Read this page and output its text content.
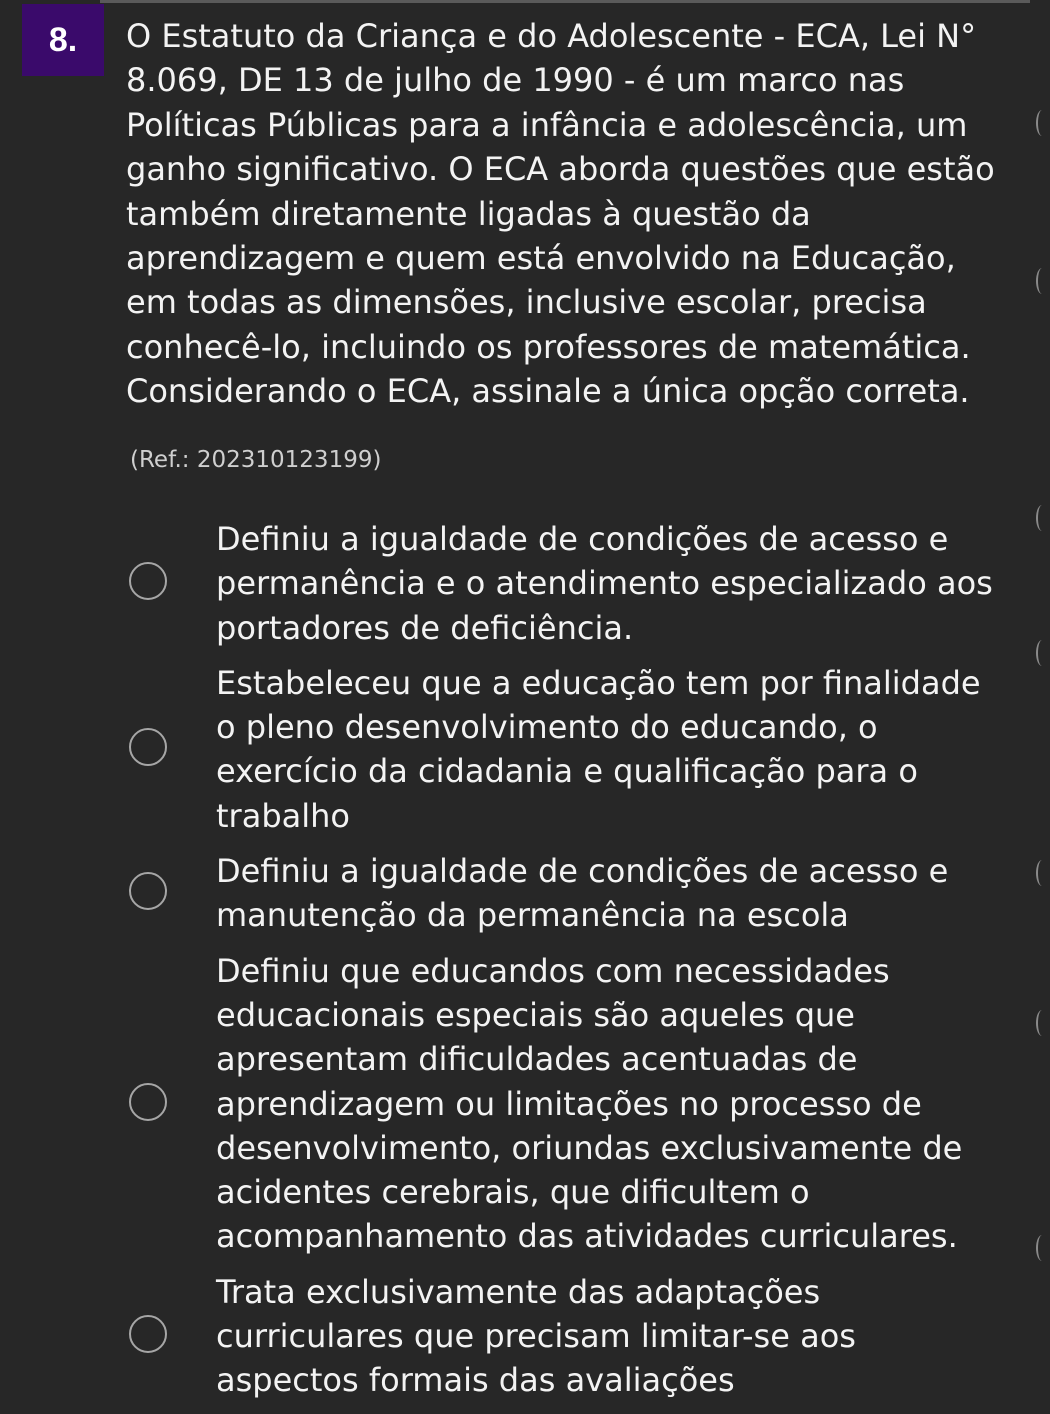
8.	O Estatuto da Criança e do Adolescente - ECA, Lei N° 8.069, DE 13 de julho de 1990 - é um marco nas Políticas Públicas para a infância e adolescência, um ganho significativo. O ECA aborda questões que estão também diretamente ligadas à questão da aprendizagem e quem está envolvido na Educação, em todas as dimensões, inclusive escolar, precisa conhecê-lo, incluindo os professores de matemática. Considerando o ECA, assinale a única opção correta.
(Ref.: 202310123199)
Definiu a igualdade de condições de acesso e permanência e o atendimento especializado aos portadores de deficiência.
Estabeleceu que a educação tem por finalidade o pleno desenvolvimento do educando, o exercício da cidadania e qualificação para o trabalho
Definiu a igualdade de condições de acesso e manutenção da permanência na escola
Definiu que educandos com necessidades educacionais especiais são aqueles que apresentam dificuldades acentuadas de aprendizagem ou limitações no processo de desenvolvimento, oriundas exclusivamente de acidentes cerebrais, que dificultem o acompanhamento das atividades curriculares.
Trata exclusivamente das adaptações curriculares que precisam limitar-se aos aspectos formais das avaliações
